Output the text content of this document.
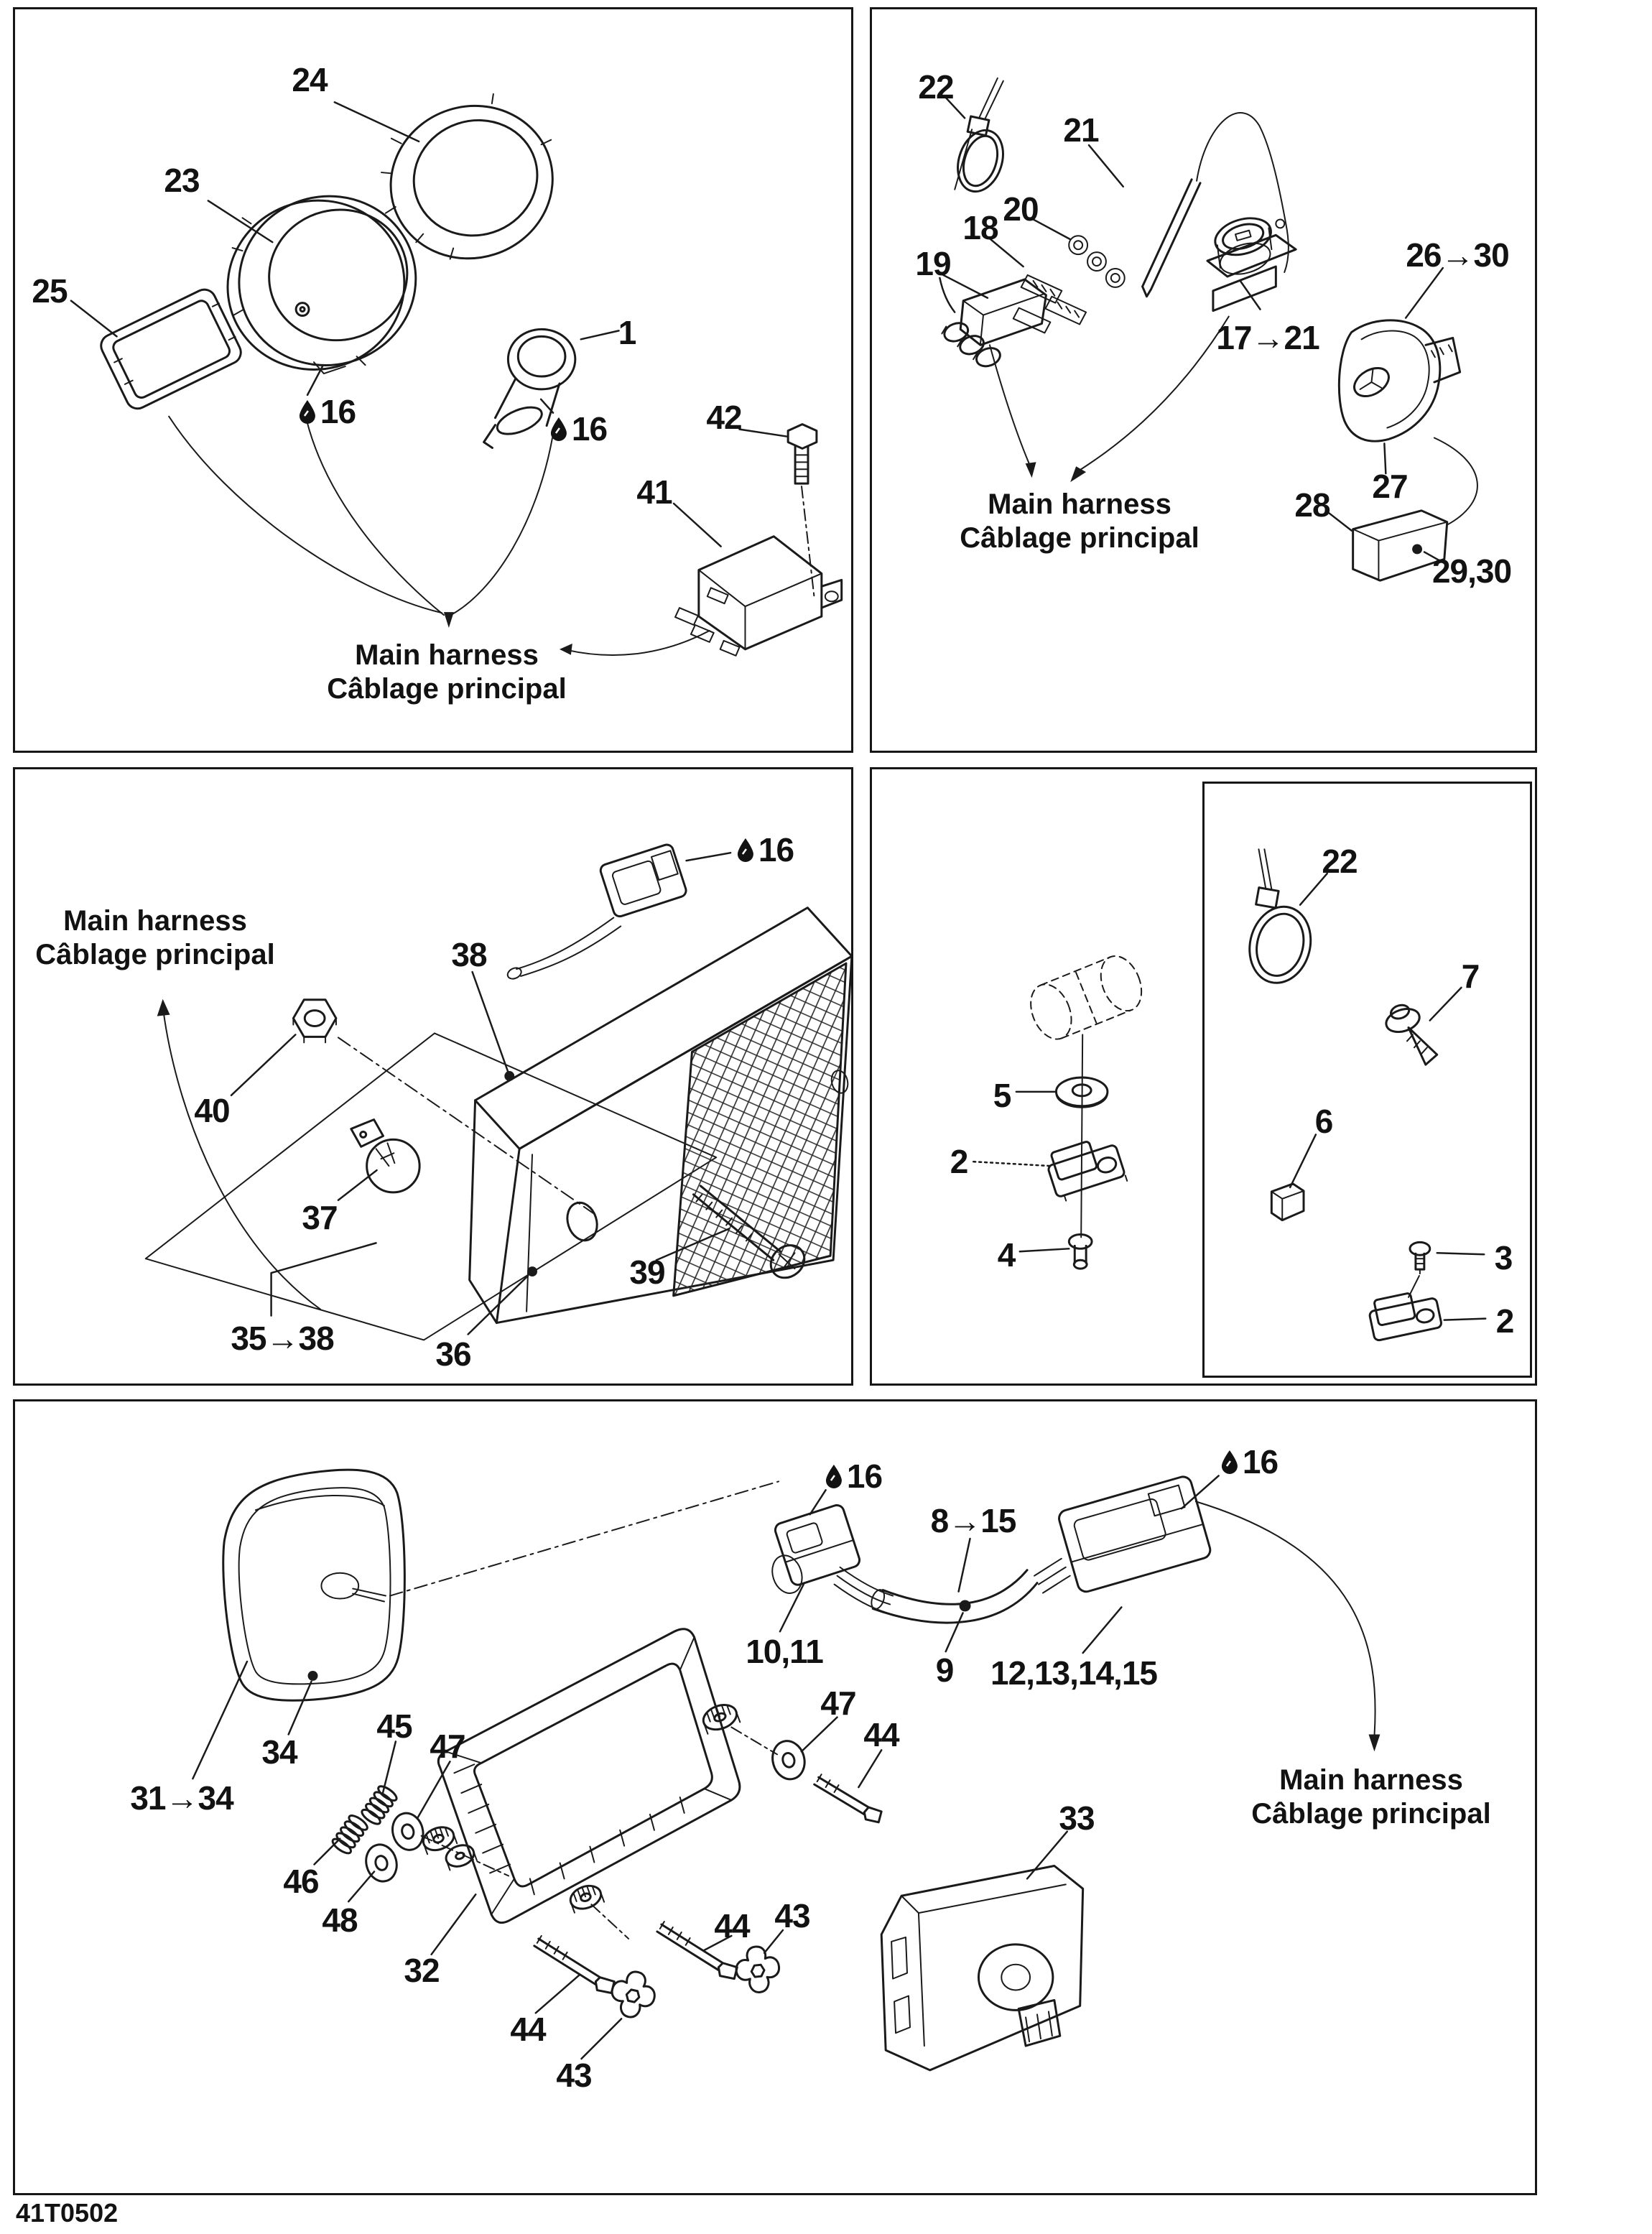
24
23
25
1
16	16	42
41
Main harness
Câblage principal
22
21
18 20
19
17→21
26→30
27
28
29,30
Main harness
Câblage principal
Main harness
Câblage principal
16
38
40
37
36
39
35→38
5
2
4
22
7
6
3
2
16	16
8→15
10,11	9 12,13,14,15
34
31→34
45
47
46
48
32
44
43
44 43
47
44
33
Main harness
Câblage principal
41T0502
